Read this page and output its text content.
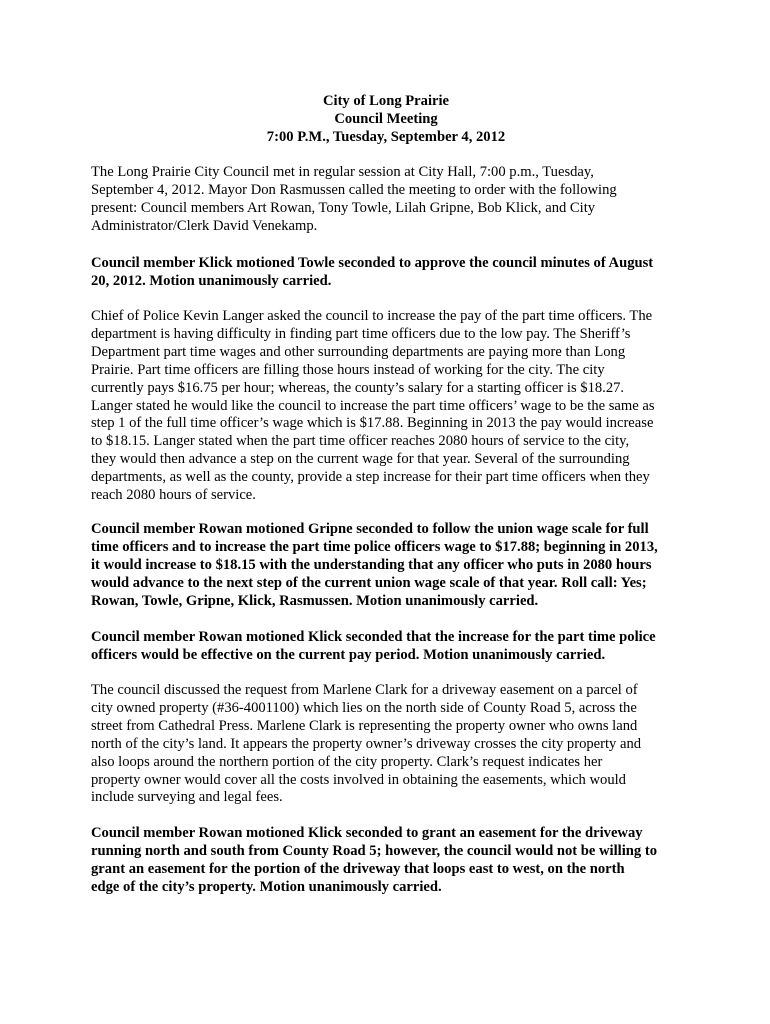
City of Long Prairie
Council Meeting
7:00 P.M., Tuesday, September 4, 2012
The Long Prairie City Council met in regular session at City Hall, 7:00 p.m., Tuesday,
September 4, 2012. Mayor Don Rasmussen called the meeting to order with the following
present: Council members Art Rowan, Tony Towle, Lilah Gripne, Bob Klick, and City
Administrator/Clerk David Venekamp.
Council member Klick motioned Towle seconded to approve the council minutes of August
20, 2012. Motion unanimously carried.
Chief of Police Kevin Langer asked the council to increase the pay of the part time officers. The
department is having difficulty in finding part time officers due to the low pay. The Sheriff’s
Department part time wages and other surrounding departments are paying more than Long
Prairie. Part time officers are filling those hours instead of working for the city. The city
currently pays $16.75 per hour; whereas, the county’s salary for a starting officer is $18.27.
Langer stated he would like the council to increase the part time officers’ wage to be the same as
step 1 of the full time officer’s wage which is $17.88. Beginning in 2013 the pay would increase
to $18.15. Langer stated when the part time officer reaches 2080 hours of service to the city,
they would then advance a step on the current wage for that year. Several of the surrounding
departments, as well as the county, provide a step increase for their part time officers when they
reach 2080 hours of service.
Council member Rowan motioned Gripne seconded to follow the union wage scale for full
time officers and to increase the part time police officers wage to $17.88; beginning in 2013,
it would increase to $18.15 with the understanding that any officer who puts in 2080 hours
would advance to the next step of the current union wage scale of that year. Roll call: Yes;
Rowan, Towle, Gripne, Klick, Rasmussen. Motion unanimously carried.
Council member Rowan motioned Klick seconded that the increase for the part time police
officers would be effective on the current pay period. Motion unanimously carried.
The council discussed the request from Marlene Clark for a driveway easement on a parcel of
city owned property (#36-4001100) which lies on the north side of County Road 5, across the
street from Cathedral Press. Marlene Clark is representing the property owner who owns land
north of the city’s land. It appears the property owner’s driveway crosses the city property and
also loops around the northern portion of the city property. Clark’s request indicates her
property owner would cover all the costs involved in obtaining the easements, which would
include surveying and legal fees.
Council member Rowan motioned Klick seconded to grant an easement for the driveway
running north and south from County Road 5; however, the council would not be willing to
grant an easement for the portion of the driveway that loops east to west, on the north
edge of the city’s property. Motion unanimously carried.
